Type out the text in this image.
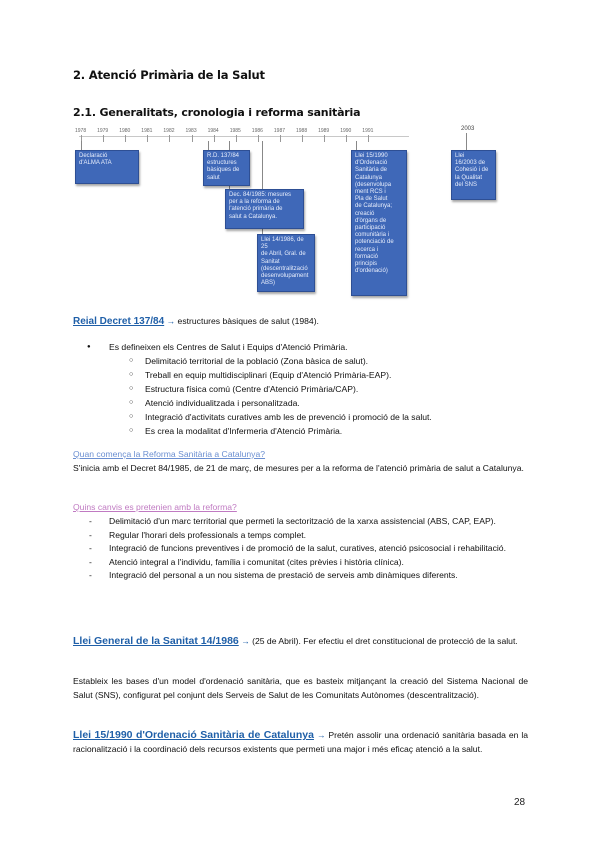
2. Atenció Primària de la Salut
2.1. Generalitats, cronologia i reforma sanitària
1978 1979 1980 1981 1982 1983 1984 1985 1986 1987 1988 1989 1990 1991	2003
Declaració
d'ALMA ATA
R.D. 137/84
estructures
bàsiques de
salut
Dec. 84/1985: mesures
per a la reforma de
l'atenció primària de
salut a Catalunya.
Llei 14/1986, de 25
de Abril, Gral. de
Sanitat
(descentralització
desenvolupament
ABS)
Llei 15/1990
d'Ordenació
Sanitària de
Catalunya
(desenvolupa
ment RCS i
Pla de Salut
de Catalunya;
creació
d'òrgans de
participació
comunitària i
potenciació de
recerca i
formació
principis
d'ordenació)
Llei
16/2003 de
Cohesió i de
la Qualitat
del SNS
Reial Decret 137/84 → estructures bàsiques de salut (1984).
● Es defineixen els Centres de Salut i Equips d'Atenció Primària.
○ Delimitació territorial de la població (Zona bàsica de salut).
○ Treball en equip multidisciplinari (Equip d'Atenció Primària-EAP).
○ Estructura física comú (Centre d'Atenció Primària/CAP).
○ Atenció individualitzada i personalitzada.
○ Integració d'activitats curatives amb les de prevenció i promoció de la salut.
○ Es crea la modalitat d'Infermeria d'Atenció Primària.
Quan comença la Reforma Sanitària a Catalunya?
S'inicia amb el Decret 84/1985, de 21 de març, de mesures per a la reforma de l'atenció primària de salut a Catalunya.
Quins canvis es pretenien amb la reforma?
- Delimitació d'un marc territorial que permeti la sectorització de la xarxa assistencial (ABS, CAP, EAP).
- Regular l'horari dels professionals a temps complet.
- Integració de funcions preventives i de promoció de la salut, curatives, atenció psicosocial i rehabilitació.
- Atenció integral a l'individu, família i comunitat (cites prèvies i història clínica).
- Integració del personal a un nou sistema de prestació de serveis amb dinàmiques diferents.
Llei General de la Sanitat 14/1986 → (25 de Abril). Fer efectiu el dret constitucional de protecció de la salut.
Estableix les bases d'un model d'ordenació sanitària, que es basteix mitjançant la creació del Sistema Nacional de Salut (SNS), configurat pel conjunt dels Serveis de Salut de les Comunitats Autònomes (descentralització).
Llei 15/1990 d'Ordenació Sanitària de Catalunya → Pretén assolir una ordenació sanitària basada en la racionalització i la coordinació dels recursos existents que permeti una major i més eficaç atenció a la salut.
28
